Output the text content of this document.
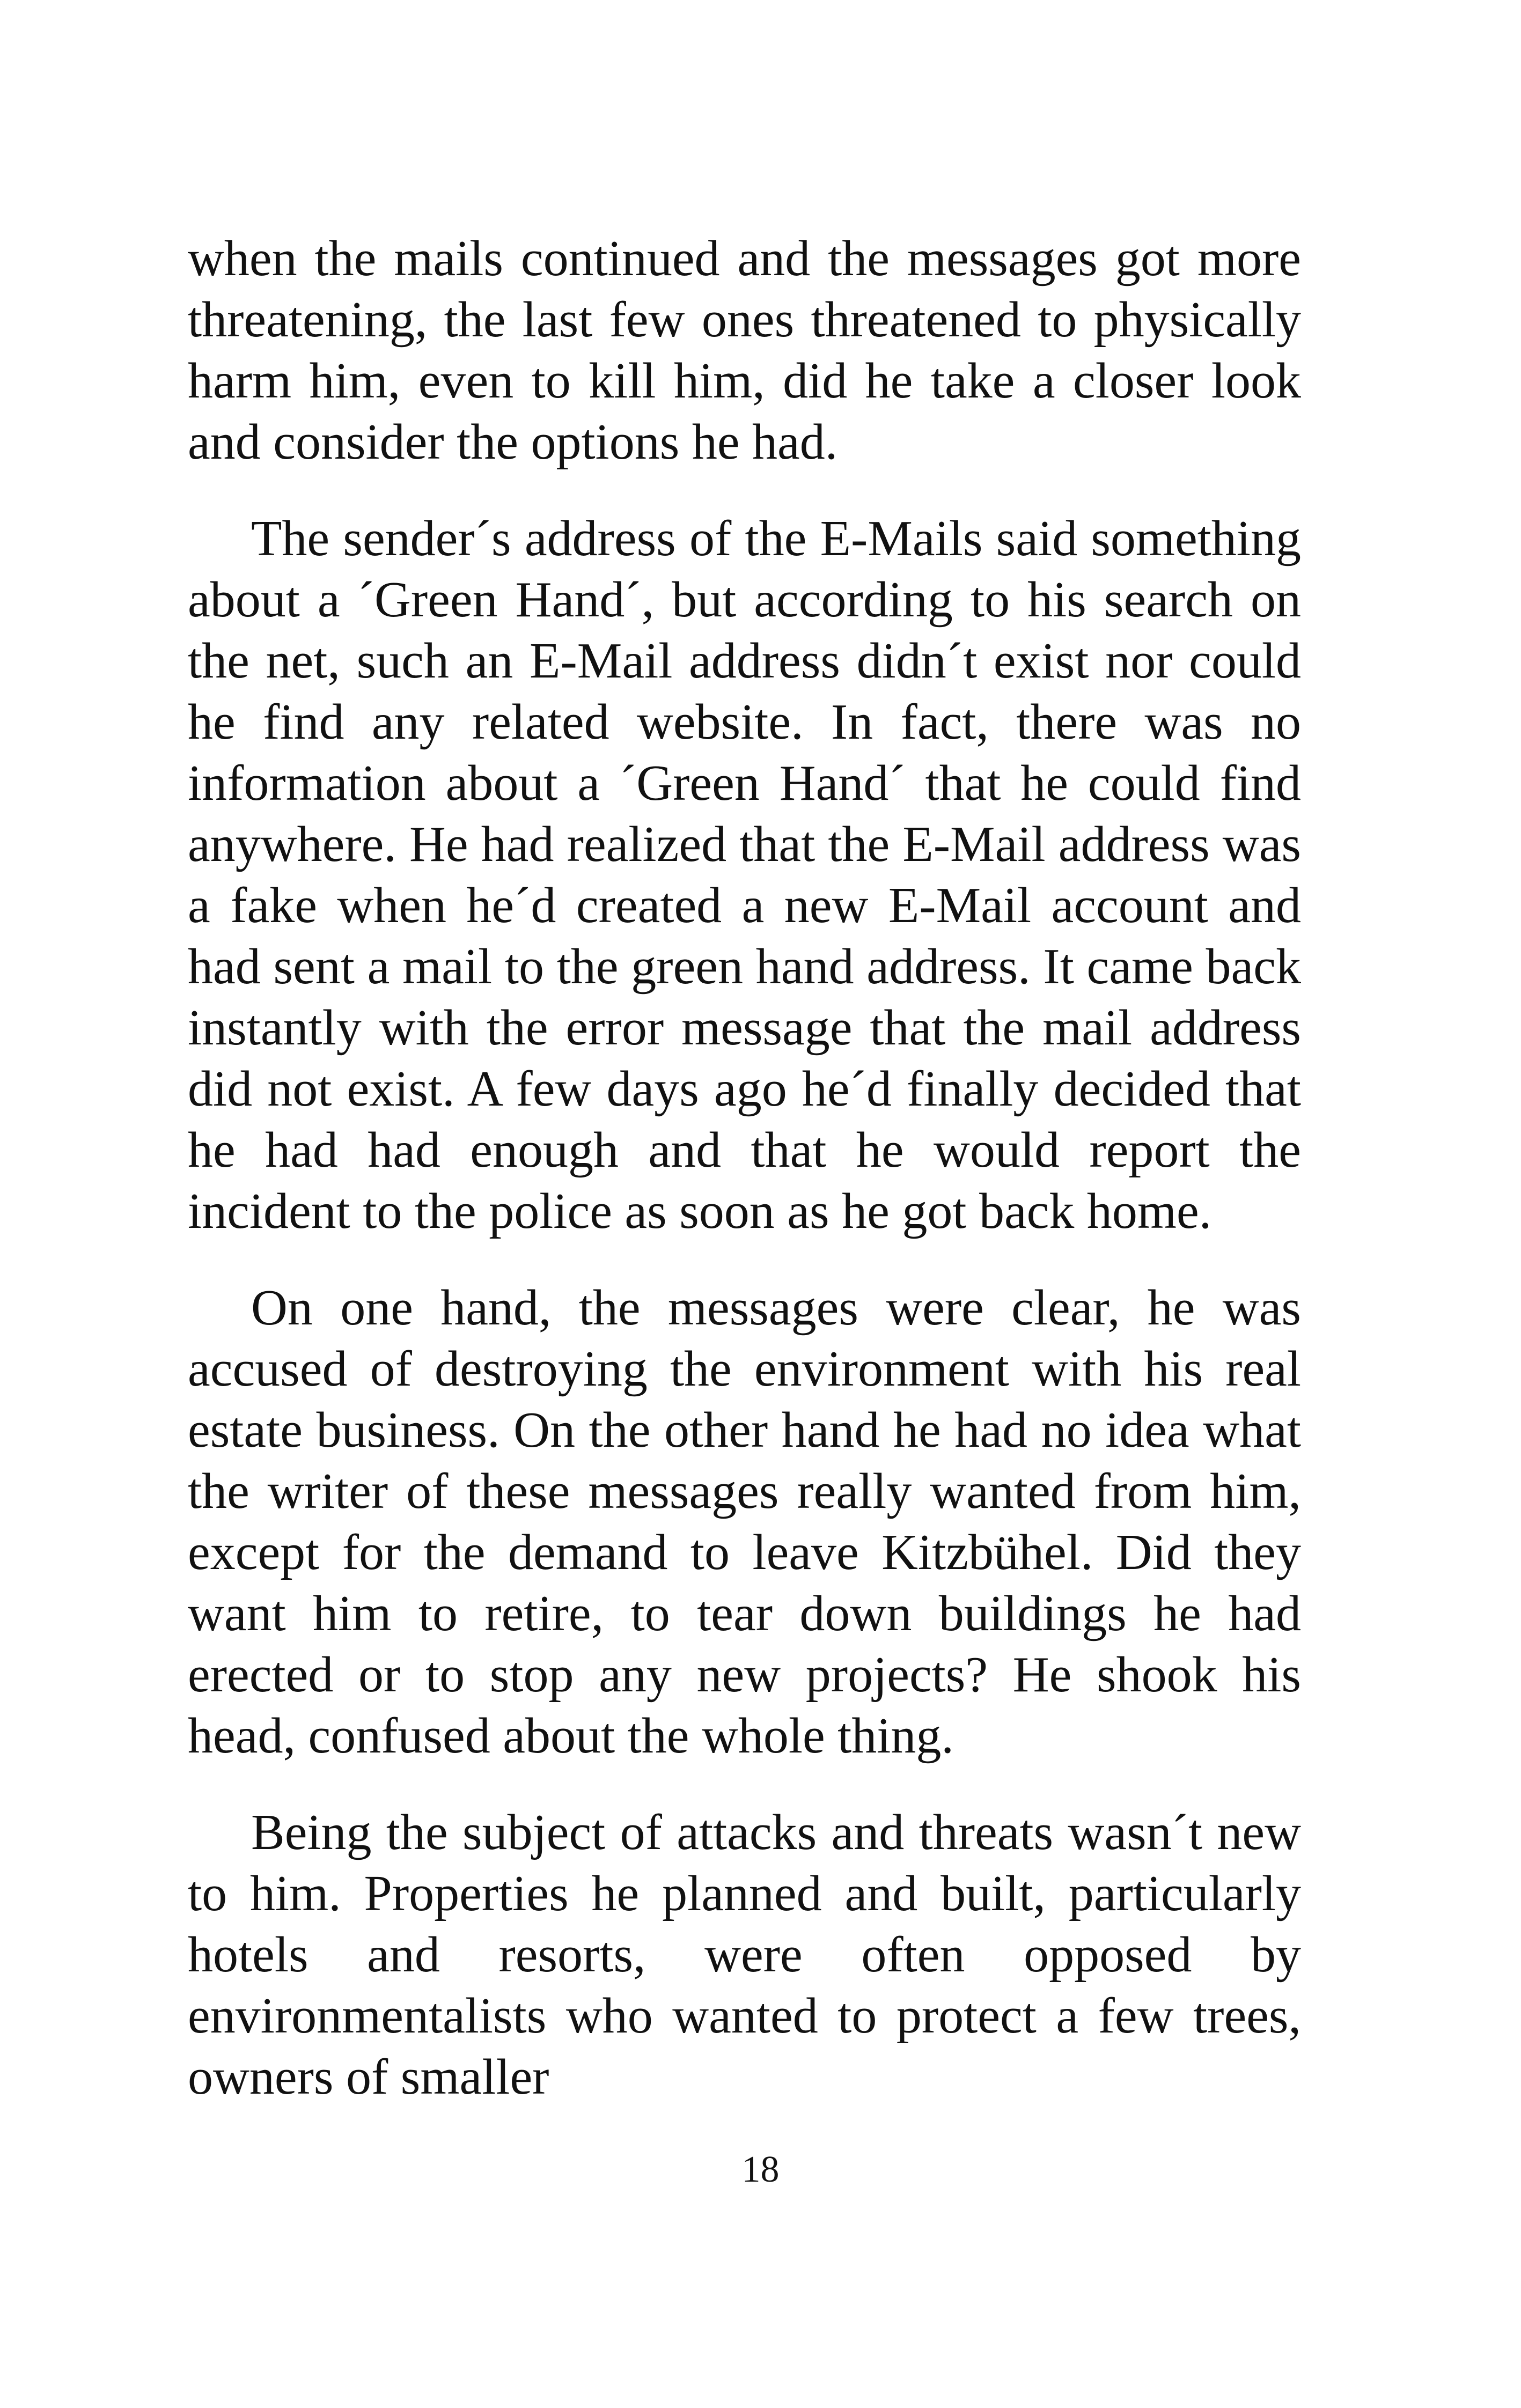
when the mails continued and the messages got more threatening, the last few ones threatened to physically harm him, even to kill him, did he take a closer look and consider the options he had.

The sender´s address of the E-Mails said something about a ´Green Hand´, but according to his search on the net, such an E-Mail address didn´t exist nor could he find any related website. In fact, there was no information about a ´Green Hand´ that he could find anywhere. He had realized that the E-Mail address was a fake when he´d created a new E-Mail account and had sent a mail to the green hand address. It came back instantly with the error message that the mail address did not exist. A few days ago he´d finally decided that he had had enough and that he would report the incident to the police as soon as he got back home.

On one hand, the messages were clear, he was accused of destroying the environment with his real estate business. On the other hand he had no idea what the writer of these messages really wanted from him, except for the demand to leave Kitzbühel. Did they want him to retire, to tear down buildings he had erected or to stop any new projects? He shook his head, confused about the whole thing.

Being the subject of attacks and threats wasn´t new to him. Properties he planned and built, particularly hotels and resorts, were often opposed by environmentalists who wanted to protect a few trees, owners of smaller

18
